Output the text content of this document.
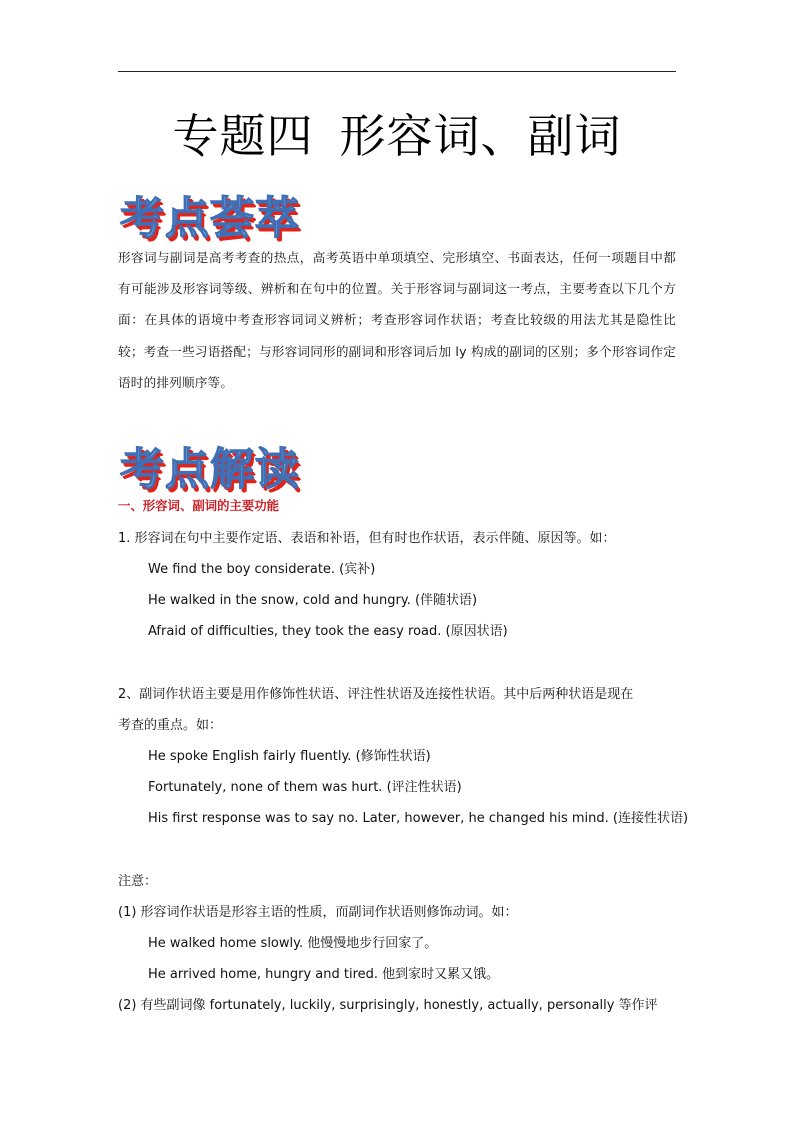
专题四 形容词、副词
考点荟萃
形容词与副词是高考考查的热点，高考英语中单项填空、完形填空、书面表达，任何一项题目中都有可能涉及形容词等级、辨析和在句中的位置。关于形容词与副词这一考点，主要考查以下几个方面：在具体的语境中考查形容词词义辨析；考查形容词作状语；考查比较级的用法尤其是隐性比较；考查一些习语搭配；与形容词同形的副词和形容词后加 ly 构成的副词的区别；多个形容词作定语时的排列顺序等。
考点解读
一、形容词、副词的主要功能
1. 形容词在句中主要作定语、表语和补语，但有时也作状语，表示伴随、原因等。如：
We find the boy considerate. (宾补)
He walked in the snow, cold and hungry. (伴随状语)
Afraid of difficulties, they took the easy road. (原因状语)
2、副词作状语主要是用作修饰性状语、评注性状语及连接性状语。其中后两种状语是现在
考查的重点。如：
He spoke English fairly fluently. (修饰性状语)
Fortunately, none of them was hurt. (评注性状语)
His first response was to say no. Later, however, he changed his mind. (连接性状语)
注意：
(1) 形容词作状语是形容主语的性质，而副词作状语则修饰动词。如：
He walked home slowly. 他慢慢地步行回家了。
He arrived home, hungry and tired. 他到家时又累又饿。
(2) 有些副词像 fortunately, luckily, surprisingly, honestly, actually, personally 等作评
